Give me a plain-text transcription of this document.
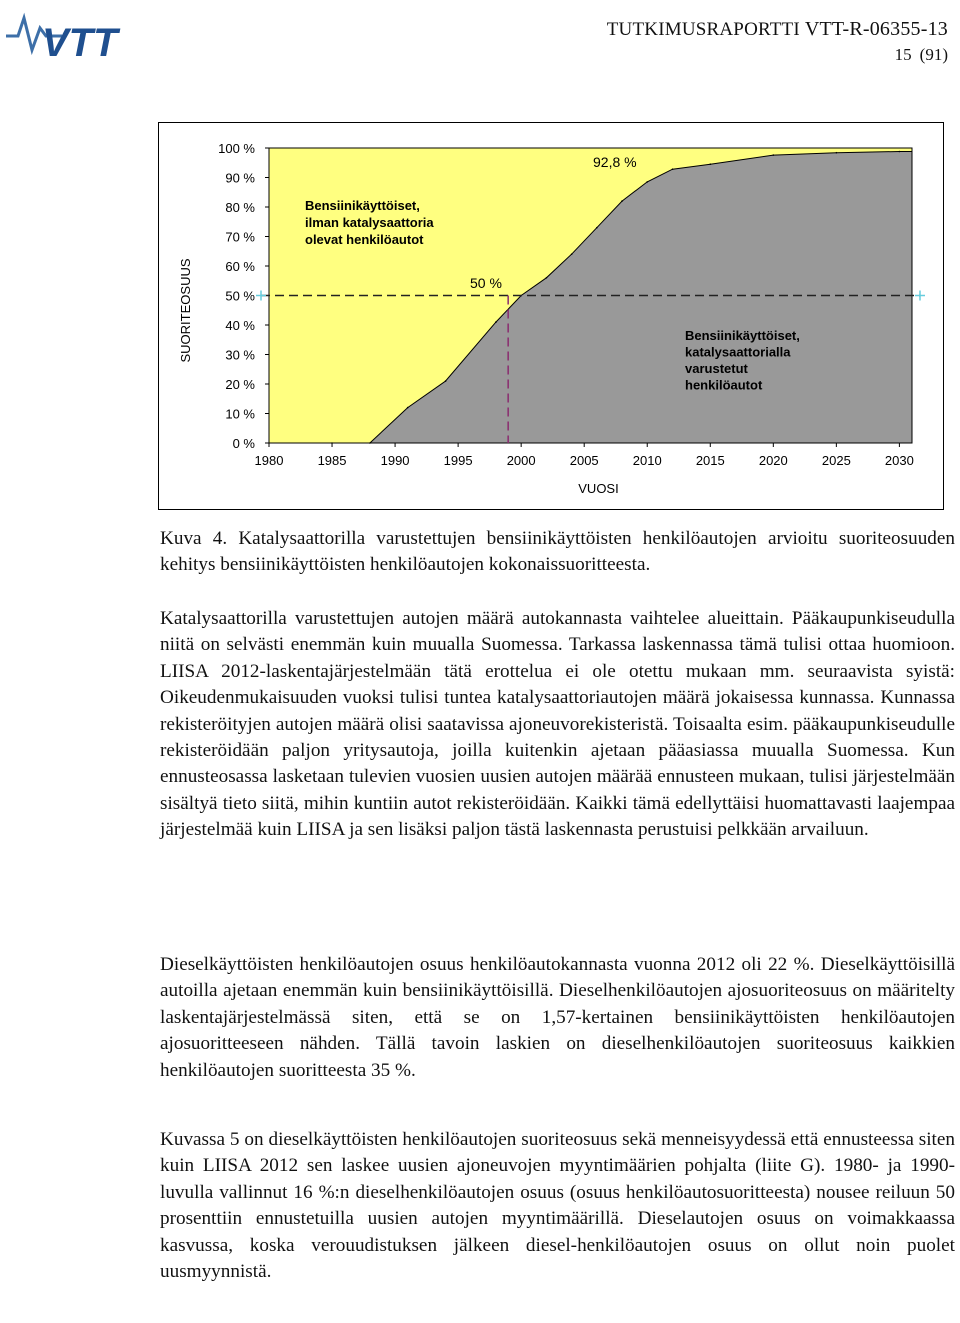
VTT	TUTKIMUSRAPORTTI VTT-R-06355-13
15 (91)
0 %
10 %
20 %
30 %
40 %
50 %
60 %
70 %
80 %
90 %
100 %
1980	1985	1990	1995	2000	2005	2010	2015	2020	2025	2030
VUOSI
SUORITEOSUUS
92,8 %
50 %
Bensiinikäyttöiset,
ilman katalysaattoria
olevat henkilöautot
Bensiinikäyttöiset,
katalysaattorialla
varustetut
henkilöautot
Kuva 4. Katalysaattorilla varustettujen bensiinikäyttöisten henkilöautojen arvioitu suoriteosuuden kehitys bensiinikäyttöisten henkilöautojen kokonaissuoritteesta.
Katalysaattorilla varustettujen autojen määrä autokannasta vaihtelee alueittain. Pääkaupunkiseudulla niitä on selvästi enemmän kuin muualla Suomessa. Tarkassa laskennassa tämä tulisi ottaa huomioon. LIISA 2012-laskentajärjestelmään tätä erottelua ei ole otettu mukaan mm. seuraavista syistä: Oikeudenmukaisuuden vuoksi tulisi tuntea katalysaattoriautojen määrä jokaisessa kunnassa. Kunnassa rekisteröityjen autojen määrä olisi saatavissa ajoneuvorekisteristä. Toisaalta esim. pääkaupunkiseudulle rekisteröidään paljon yritysautoja, joilla kuitenkin ajetaan pääasiassa muualla Suomessa. Kun ennusteosassa lasketaan tulevien vuosien uusien autojen määrää ennusteen mukaan, tulisi järjestelmään sisältyä tieto siitä, mihin kuntiin autot rekisteröidään. Kaikki tämä edellyttäisi huomattavasti laajempaa järjestelmää kuin LIISA ja sen lisäksi paljon tästä laskennasta perustuisi pelkkään arvailuun.
Dieselkäyttöisten henkilöautojen osuus henkilöautokannasta vuonna 2012 oli 22 %. Dieselkäyttöisillä autoilla ajetaan enemmän kuin bensiinikäyttöisillä. Dieselhenkilöautojen ajosuoriteosuus on määritelty laskentajärjestelmässä siten, että se on 1,57-kertainen bensiinikäyttöisten henkilöautojen ajosuoritteeseen nähden. Tällä tavoin laskien on dieselhenkilöautojen suoriteosuus kaikkien henkilöautojen suoritteesta 35 %.
Kuvassa 5 on dieselkäyttöisten henkilöautojen suoriteosuus sekä menneisyydessä että ennusteessa siten kuin LIISA 2012 sen laskee uusien ajoneuvojen myyntimäärien pohjalta (liite G). 1980- ja 1990-luvulla vallinnut 16 %:n dieselhenkilöautojen osuus (osuus henkilöautosuoritteesta) nousee reiluun 50 prosenttiin ennustetuilla uusien autojen myyntimäärillä. Dieselautojen osuus on voimakkaassa kasvussa, koska verouudistuksen jälkeen diesel-henkilöautojen osuus on ollut noin puolet uusmyynnistä.
